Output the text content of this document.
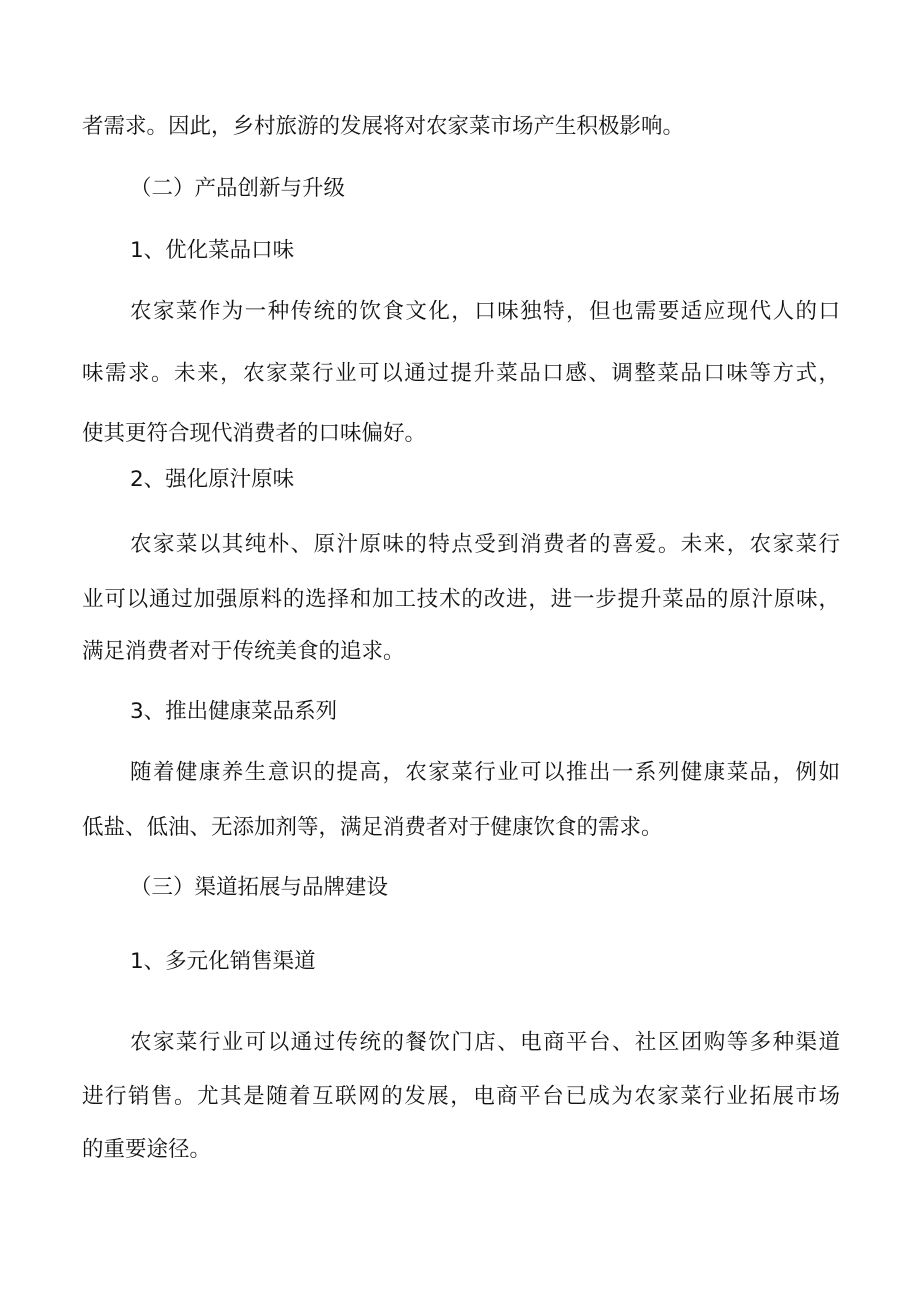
者需求。因此，乡村旅游的发展将对农家菜市场产生积极影响。
（二）产品创新与升级
1、优化菜品口味
农家菜作为一种传统的饮食文化，口味独特，但也需要适应现代人的口
味需求。未来，农家菜行业可以通过提升菜品口感、调整菜品口味等方式，
使其更符合现代消费者的口味偏好。
2、强化原汁原味
农家菜以其纯朴、原汁原味的特点受到消费者的喜爱。未来，农家菜行
业可以通过加强原料的选择和加工技术的改进，进一步提升菜品的原汁原味，
满足消费者对于传统美食的追求。
3、推出健康菜品系列
随着健康养生意识的提高，农家菜行业可以推出一系列健康菜品，例如
低盐、低油、无添加剂等，满足消费者对于健康饮食的需求。
（三）渠道拓展与品牌建设
1、多元化销售渠道
农家菜行业可以通过传统的餐饮门店、电商平台、社区团购等多种渠道
进行销售。尤其是随着互联网的发展，电商平台已成为农家菜行业拓展市场
的重要途径。
